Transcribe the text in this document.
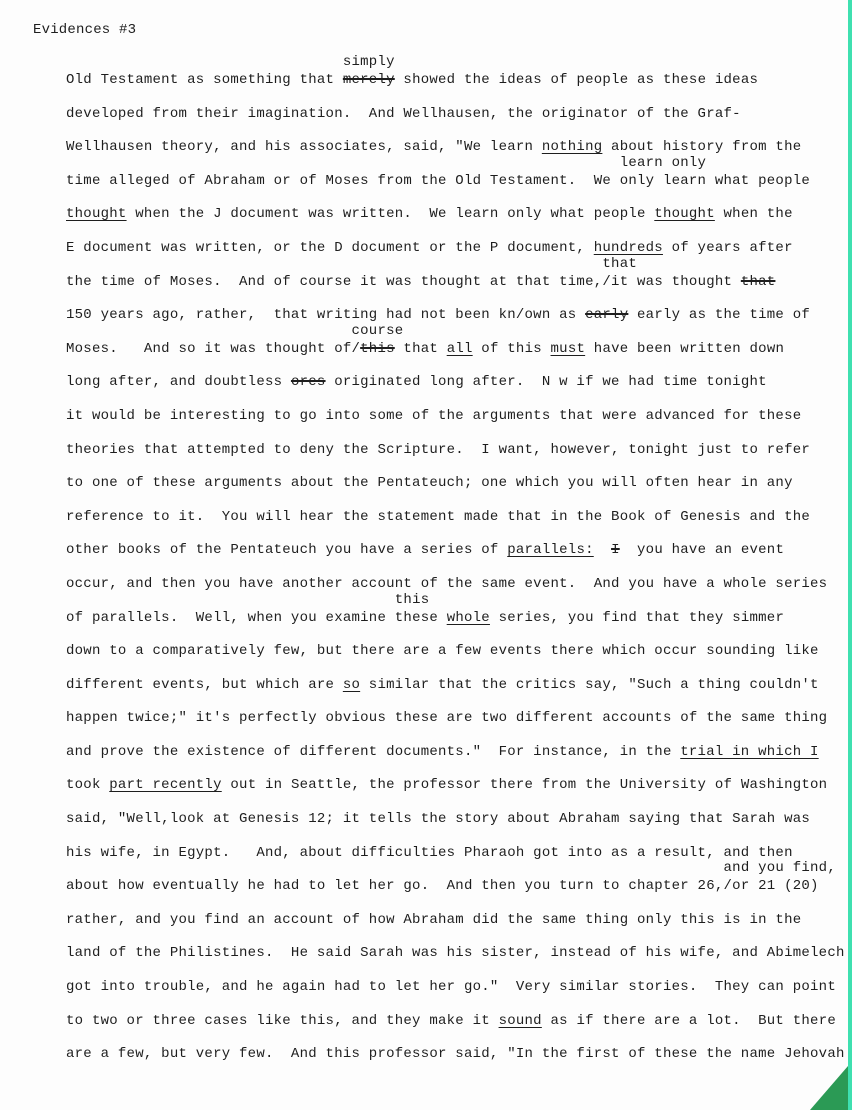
Evidences #3
Old Testament as something that merely
simply
showed the ideas of people as these ideas
developed from their imagination.  And Wellhausen, the originator of the Graf-
Wellhausen theory, and his associates, said, "We learn nothing about history from the
time alleged of Abraham or of Moses from the Old Testament.  We only
learn only
learn what people
thought when the J document was written.  We learn only what people thought when the
E document was written, or the D document or the P document, hundreds of years after
the time of Moses.  And of course it was thought at that time,/it
that
was thought that
150 years ago, rather,  that writing had not been kn/own as early early as the time of
Moses.   And so it was thought of/
course
this that all of this must have been written down
long after, and doubtless ores originated long after.  N w if we had time tonight
it would be interesting to go into some of the arguments that were advanced for these
theories that attempted to deny the Scripture.  I want, however, tonight just to refer
to one of these arguments about the Pentateuch; one which you will often hear in any
reference to it.  You will hear the statement made that in the Book of Genesis and the
other books of the Pentateuch you have a series of parallels: I  you have an event
occur, and then you have another account of the same event.  And you have a whole series
of parallels.  Well, when you examine these
this
whole series, you find that they simmer
down to a comparatively few, but there are a few events there which occur sounding like
different events, but which are so similar that the critics say, "Such a thing couldn't
happen twice;" it's perfectly obvious these are two different accounts of the same thing
and prove the existence of different documents."  For instance, in the trial in which I
took part recently out in Seattle, the professor there from the University of Washington
said, "Well,look at Genesis 12; it tells the story about Abraham saying that Sarah was
his wife, in Egypt.   And, about difficulties Pharaoh got into as a result, and then
about how eventually he had to let her go.  And then you turn to chapter 26,/or 21 (20)
and you find,
rather, and you find an account of how Abraham did the same thing only this is in the
land of the Philistines.  He said Sarah was his sister, instead of his wife, and Abimelech
got into trouble, and he again had to let her go."  Very similar stories.  They can point
to two or three cases like this, and they make it sound as if there are a lot.  But there
are a few, but very few.  And this professor said, "In the first of these the name Jehovah
